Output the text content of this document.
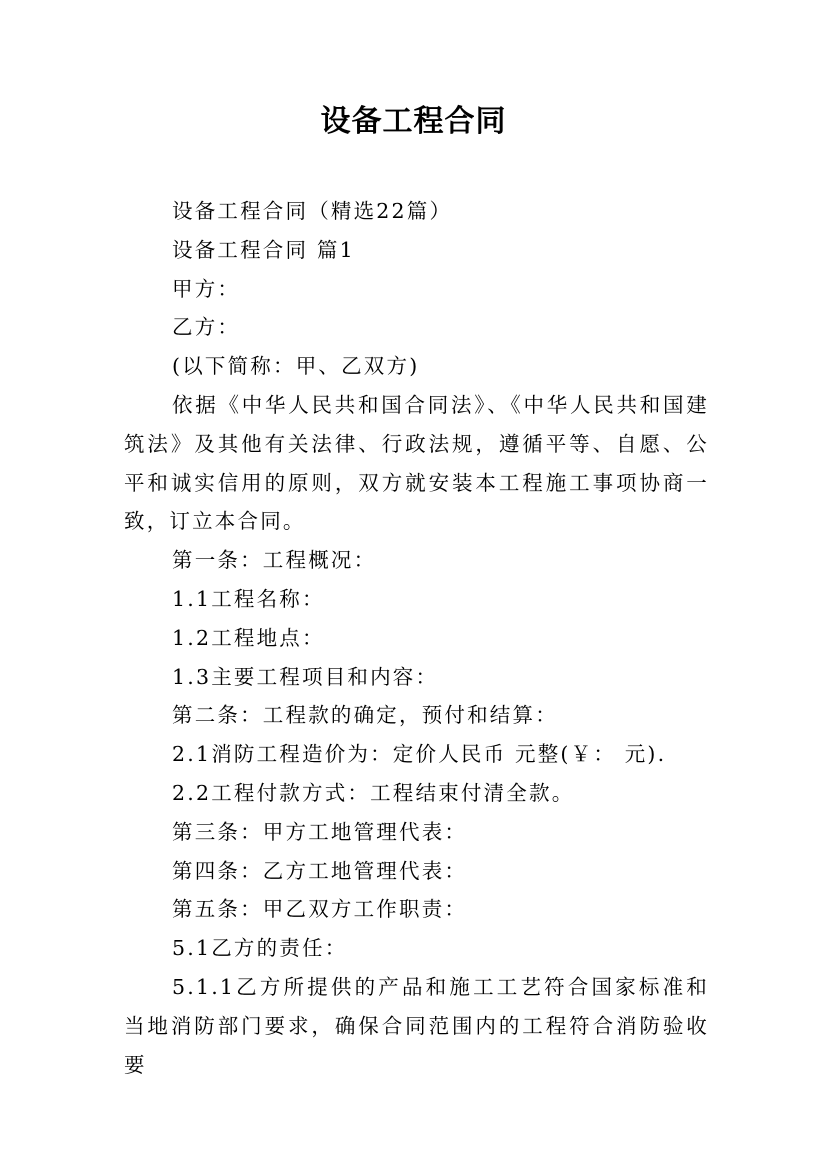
设备工程合同

设备工程合同（精选22篇）

设备工程合同 篇1

甲方：

乙方：

(以下简称：甲、乙双方)

依据《中华人民共和国合同法》、《中华人民共和国建筑法》及其他有关法律、行政法规，遵循平等、自愿、公平和诚实信用的原则，双方就安装本工程施工事项协商一致，订立本合同。

第一条：工程概况：

1.1工程名称：

1.2工程地点：

1.3主要工程项目和内容：

第二条：工程款的确定，预付和结算：

2.1消防工程造价为：定价人民币 元整(￥： 元).

2.2工程付款方式：工程结束付清全款。

第三条：甲方工地管理代表：

第四条：乙方工地管理代表：

第五条：甲乙双方工作职责：

5.1乙方的责任：

5.1.1乙方所提供的产品和施工工艺符合国家标准和当地消防部门要求，确保合同范围内的工程符合消防验收要
